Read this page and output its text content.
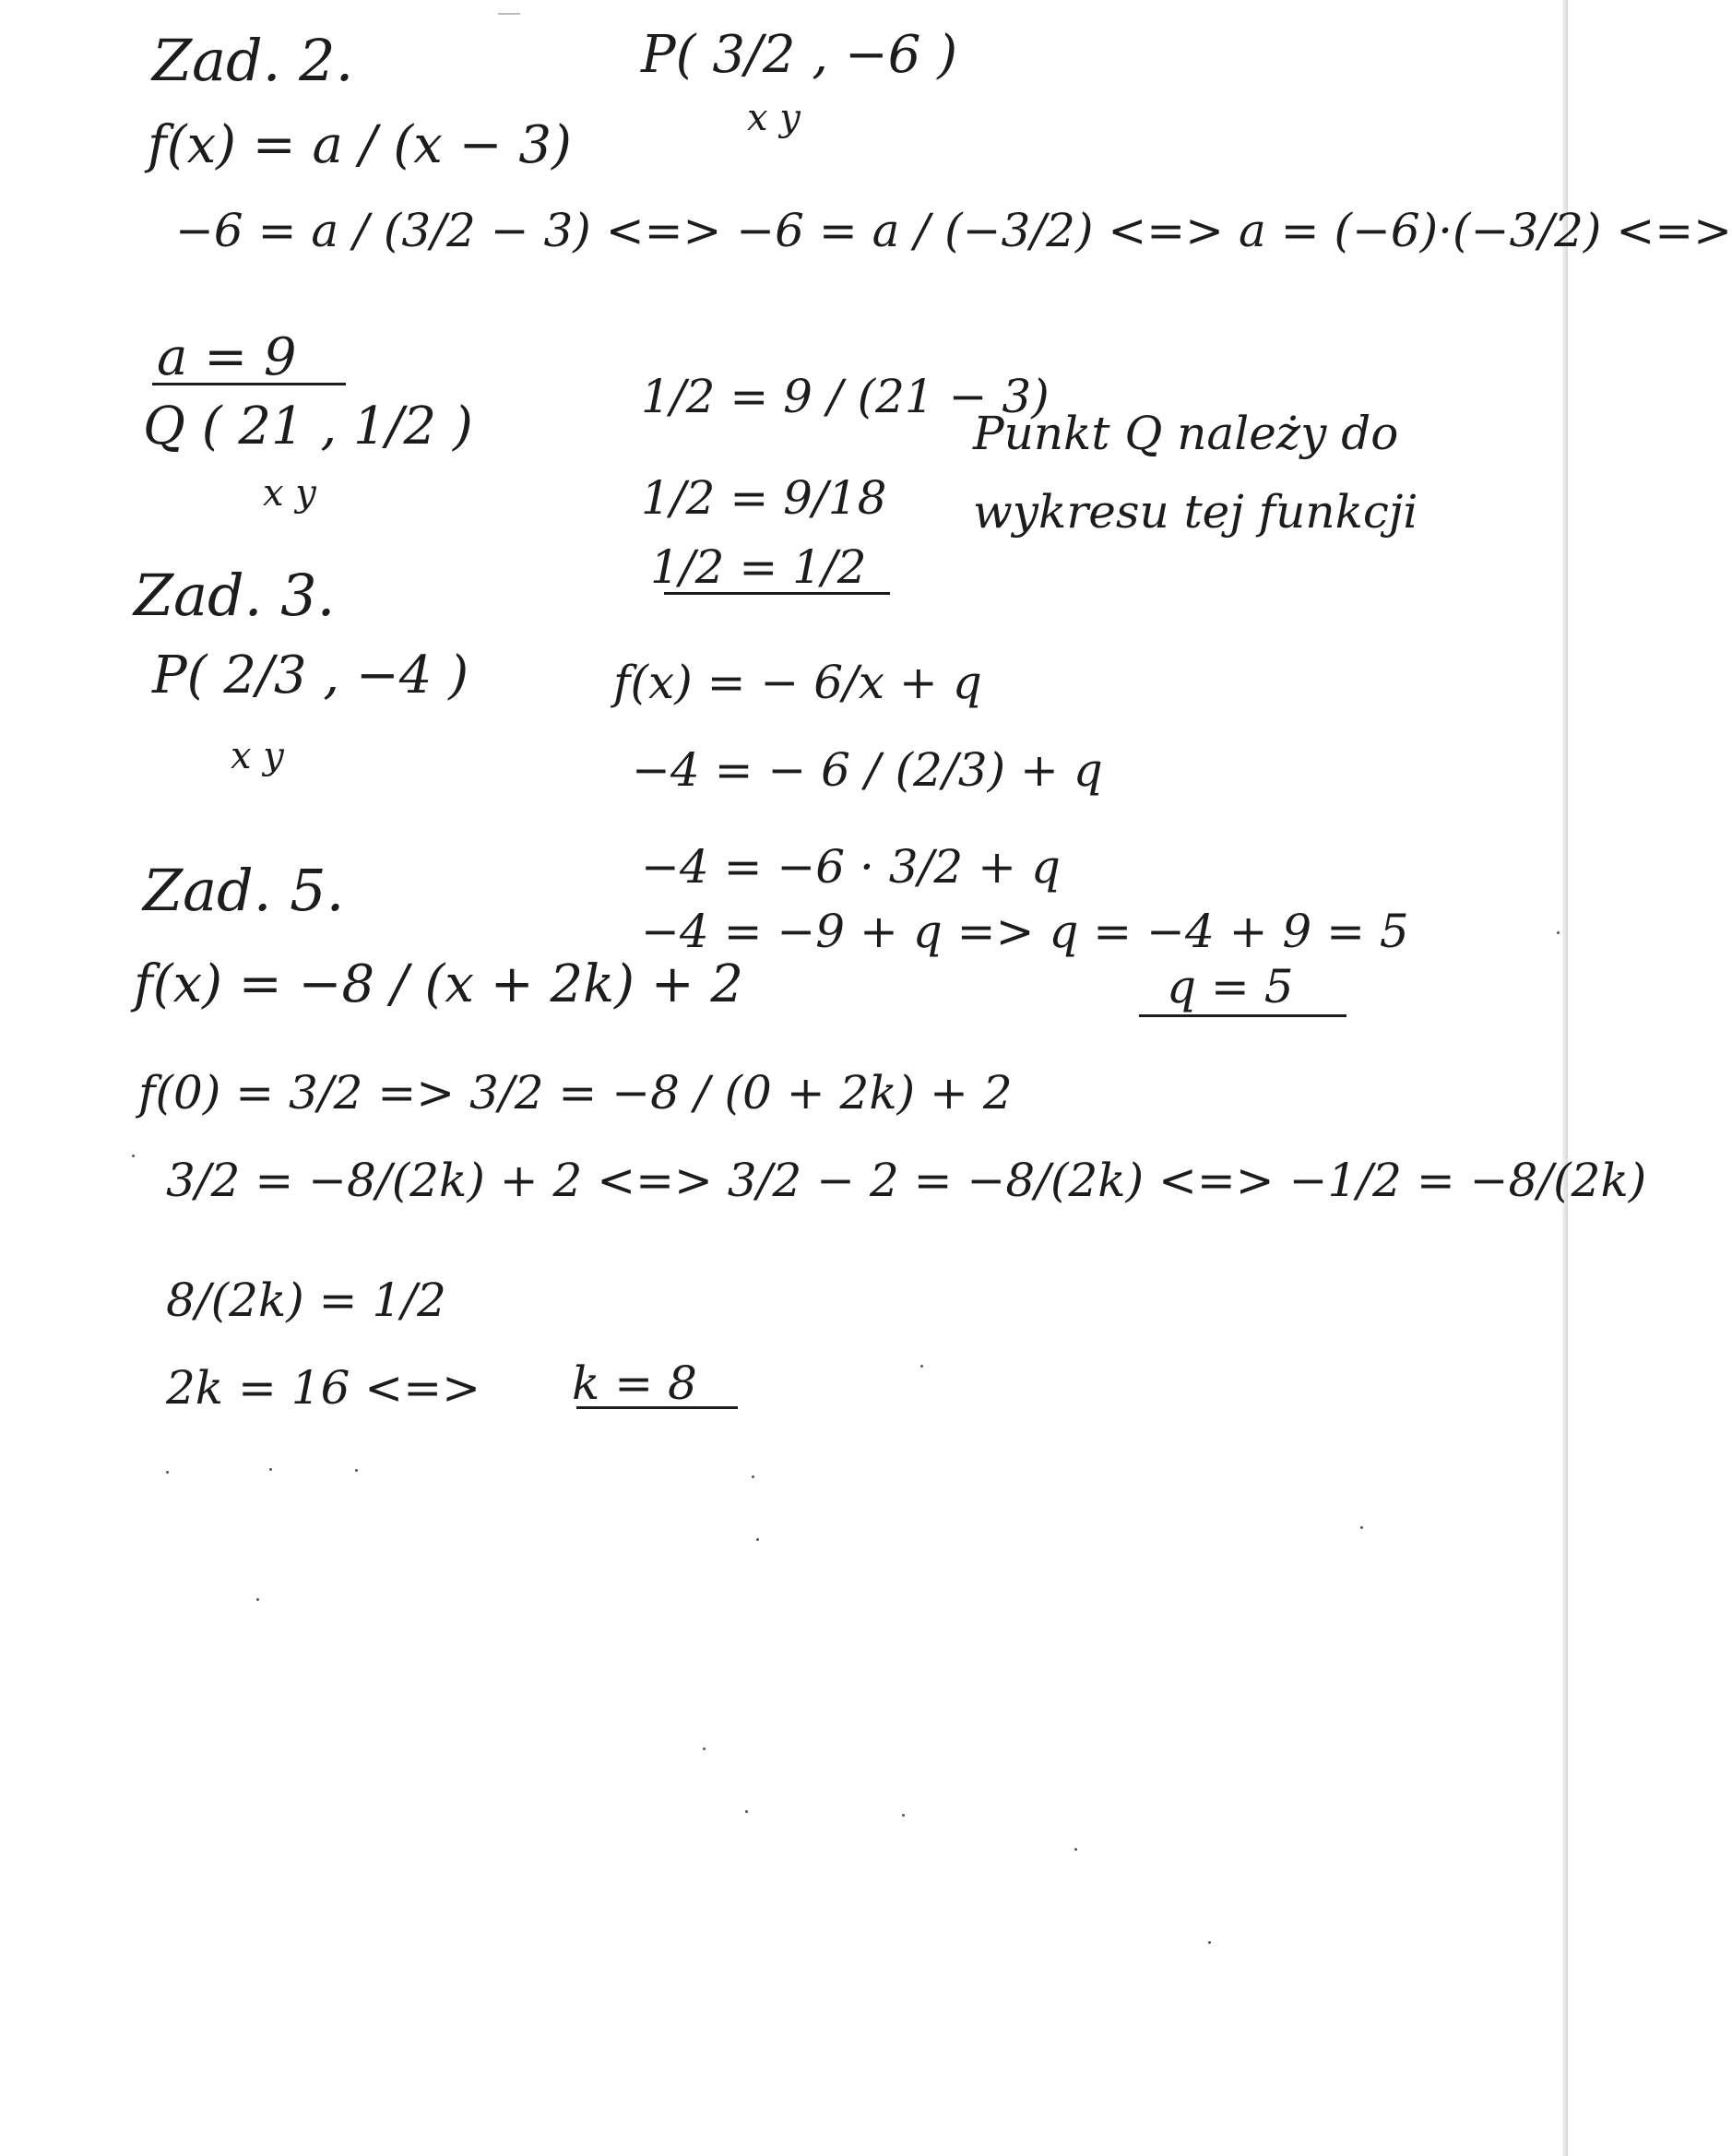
Zad. 2.	P( 3/2 , −6 )
x y
f(x) = a / (x − 3)
−6 = a / (3/2 − 3) <=> −6 = a / (−3/2) <=> a = (−6)·(−3/2) <=>
a = 9
Q ( 21 , 1/2 )
x y
1/2 = 9 / (21 − 3)
1/2 = 9/18
1/2 = 1/2
Punkt Q należy do
wykresu tej funkcji
Zad. 3.
P( 2/3 , −4 )
x y
f(x) = − 6/x + q
−4 = − 6 / (2/3) + q
−4 = −6 · 3/2 + q
−4 = −9 + q => q = −4 + 9 = 5
q = 5
Zad. 5.
f(x) = −8 / (x + 2k) + 2
f(0) = 3/2 => 3/2 = −8 / (0 + 2k) + 2
3/2 = −8/(2k) + 2 <=> 3/2 − 2 = −8/(2k) <=> −1/2 = −8/(2k)
8/(2k) = 1/2
2k = 16 <=> k = 8
